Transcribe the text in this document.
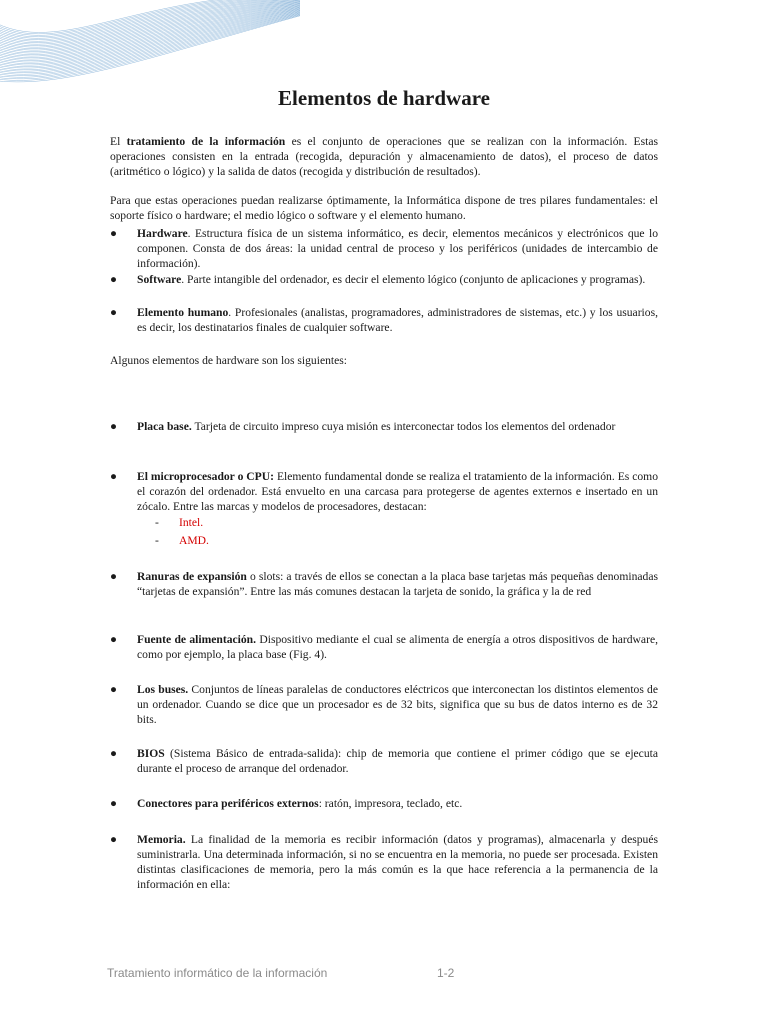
Elementos de hardware

El tratamiento de la información es el conjunto de operaciones que se realizan con la información. Estas operaciones consisten en la entrada (recogida, depuración y almacenamiento de datos), el proceso de datos (aritmético o lógico) y la salida de datos (recogida y distribución de resultados).

Para que estas operaciones puedan realizarse óptimamente, la Informática dispone de tres pilares fundamentales: el soporte físico o hardware; el medio lógico o software y el elemento humano.

●	Hardware. Estructura física de un sistema informático, es decir, elementos mecánicos y electrónicos que lo componen. Consta de dos áreas: la unidad central de proceso y los periféricos (unidades de intercambio de información).
●	Software. Parte intangible del ordenador, es decir el elemento lógico (conjunto de aplicaciones y programas).
●	Elemento humano. Profesionales (analistas, programadores, administradores de sistemas, etc.) y los usuarios, es decir, los destinatarios finales de cualquier software.

Algunos elementos de hardware son los siguientes:

●	Placa base. Tarjeta de circuito impreso cuya misión es interconectar todos los elementos del ordenador
●	El microprocesador o CPU: Elemento fundamental donde se realiza el tratamiento de la información. Es como el corazón del ordenador. Está envuelto en una carcasa para protegerse de agentes externos e insertado en un zócalo. Entre las marcas y modelos de procesadores, destacan:
- Intel.
- AMD.
●	Ranuras de expansión o slots: a través de ellos se conectan a la placa base tarjetas más pequeñas denominadas “tarjetas de expansión”. Entre las más comunes destacan la tarjeta de sonido, la gráfica y la de red
●	Fuente de alimentación. Dispositivo mediante el cual se alimenta de energía a otros dispositivos de hardware, como por ejemplo, la placa base (Fig. 4).
●	Los buses. Conjuntos de líneas paralelas de conductores eléctricos que interconectan los distintos elementos de un ordenador. Cuando se dice que un procesador es de 32 bits, significa que su bus de datos interno es de 32 bits.
●	BIOS (Sistema Básico de entrada-salida): chip de memoria que contiene el primer código que se ejecuta durante el proceso de arranque del ordenador.
●	Conectores para periféricos externos: ratón, impresora, teclado, etc.
●	Memoria. La finalidad de la memoria es recibir información (datos y programas), almacenarla y después suministrarla. Una determinada información, si no se encuentra en la memoria, no puede ser procesada. Existen distintas clasificaciones de memoria, pero la más común es la que hace referencia a la permanencia de la información en ella:
Tratamiento informático de la información	1-2
